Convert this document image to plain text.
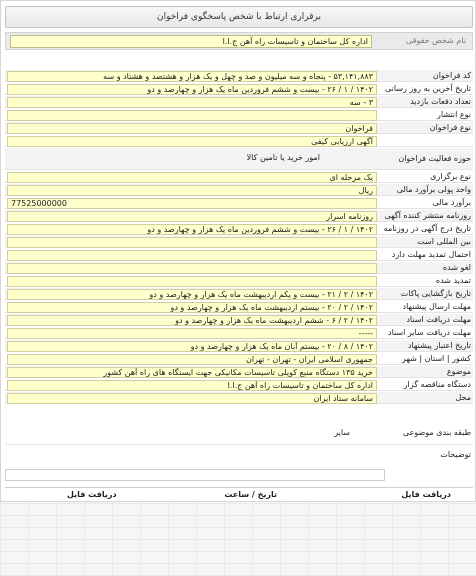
برقراری ارتباط با شخص پاسخگوی فراخوان
نام شخص حقوقی
اداره کل ساختمان و تاسیسات راه آهن ج.ا.ا
کد فراخوان
۵۳,۱۴۱,۸۸۳ - پنجاه و سه میلیون و صد و چهل و یک هزار و هشتصد و هشتاد و سه
تاریخ آخرین به روز رسانی
۱۴۰۲ / ۱ / ۲۶ - بیست و ششم فروردین ماه یک هزار و چهارصد و دو
تعداد دفعات بازدید
۳ - سه
نوع انتشار
نوع فراخوان
فراخوان
آگهی ارزیابی کیفی
حوزه فعالیت فراخوان
امور خرید یا تامین کالا
نوع برگزاری
یک مرحله ای
واحد پولی برآورد مالی
ریال
برآورد مالی
77525000000
روزنامه منتشر کننده آگهی
روزنامه اسرار
تاریخ درج آگهی در روزنامه
۱۴۰۲ / ۱ / ۲۶ - بیست و ششم فروردین ماه یک هزار و چهارصد و دو
بین المللی است
احتمال تمدید مهلت دارد
لغو شده
تمدید شده
تاریخ بازگشایی پاکات
۱۴۰۲ / ۲ / ۲۱ - بیست و یکم اردیبهشت ماه یک هزار و چهارصد و دو
مهلت ارسال پیشنهاد
۱۴۰۲ / ۲ / ۲۰ - بیستم اردیبهشت ماه یک هزار و چهارصد و دو
مهلت دریافت اسناد
۱۴۰۲ / ۲ / ۶ - ششم اردیبهشت ماه یک هزار و چهارصد و دو
مهلت دریافت سایر اسناد
-----
تاریخ اعتبار پیشنهاد
۱۴۰۲ / ۸ / ۲۰ - بیستم آبان ماه یک هزار و چهارصد و دو
کشور | استان | شهر
جمهوری اسلامی ایران - تهران - تهران
موضوع
خرید ۱۳۵ دستگاه منبع کوپلی تاسیسات مکانیکی جهت ایستگاه های راه آهن کشور
دستگاه مناقصه گزار
اداره کل ساختمان و تاسیسات راه آهن ج.ا.ا
محل
سامانه ستاد ایران
طبقه بندی موضوعی
سایر
توضیحات
دریافت فایل
تاریخ / ساعت
دریافت فایل
